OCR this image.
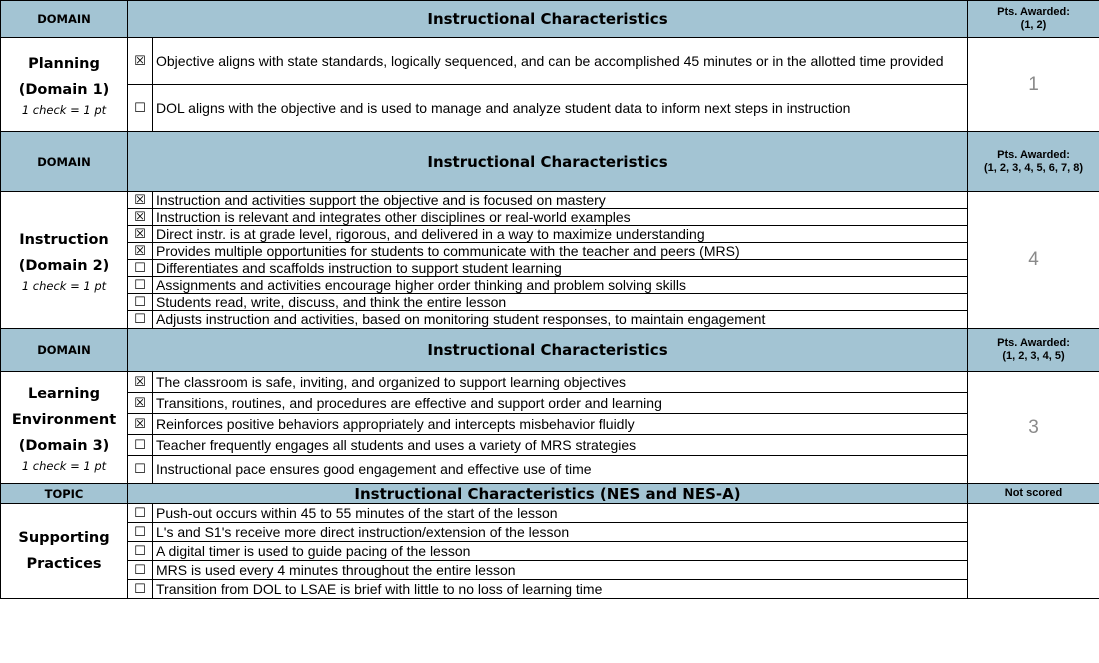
DOMAIN	Instructional Characteristics		Pts. Awarded:
(1, 2)

Planning
(Domain 1)
1 check = 1 pt	☒	Objective aligns with state standards, logically sequenced, and can be accomplished 45 minutes or in the allotted time provided	1
	☐	DOL aligns with the objective and is used to manage and analyze student data to inform next steps in instruction	
DOMAIN	Instructional Characteristics		Pts. Awarded:
(1, 2, 3, 4, 5, 6, 7, 8)

Instruction
(Domain 2)
1 check = 1 pt	☒	Instruction and activities support the objective and is focused on mastery	4
	☒	Instruction is relevant and integrates other disciplines or real-world examples	
	☒	Direct instr. is at grade level, rigorous, and delivered in a way to maximize understanding	
	☒	Provides multiple opportunities for students to communicate with the teacher and peers (MRS)	
	☐	Differentiates and scaffolds instruction to support student learning	
	☐	Assignments and activities encourage higher order thinking and problem solving skills	
	☐	Students read, write, discuss, and think the entire lesson	
	☐	Adjusts instruction and activities, based on monitoring student responses, to maintain engagement	
DOMAIN	Instructional Characteristics		Pts. Awarded:
(1, 2, 3, 4, 5)

Learning
Environment
(Domain 3)
1 check = 1 pt	☒	The classroom is safe, inviting, and organized to support learning objectives	3
	☒	Transitions, routines, and procedures are effective and support order and learning	
	☒	Reinforces positive behaviors appropriately and intercepts misbehavior fluidly	
	☐	Teacher frequently engages all students and uses a variety of MRS strategies	
	☐	Instructional pace ensures good engagement and effective use of time	
TOPIC	Instructional Characteristics (NES and NES-A)		Not scored

Supporting
Practices	☐	Push-out occurs within 45 to 55 minutes of the start of the lesson	
	☐	L's and S1's receive more direct instruction/extension of the lesson	
	☐	A digital timer is used to guide pacing of the lesson	
	☐	MRS is used every 4 minutes throughout the entire lesson	
	☐	Transition from DOL to LSAE is brief with little to no loss of learning time	
